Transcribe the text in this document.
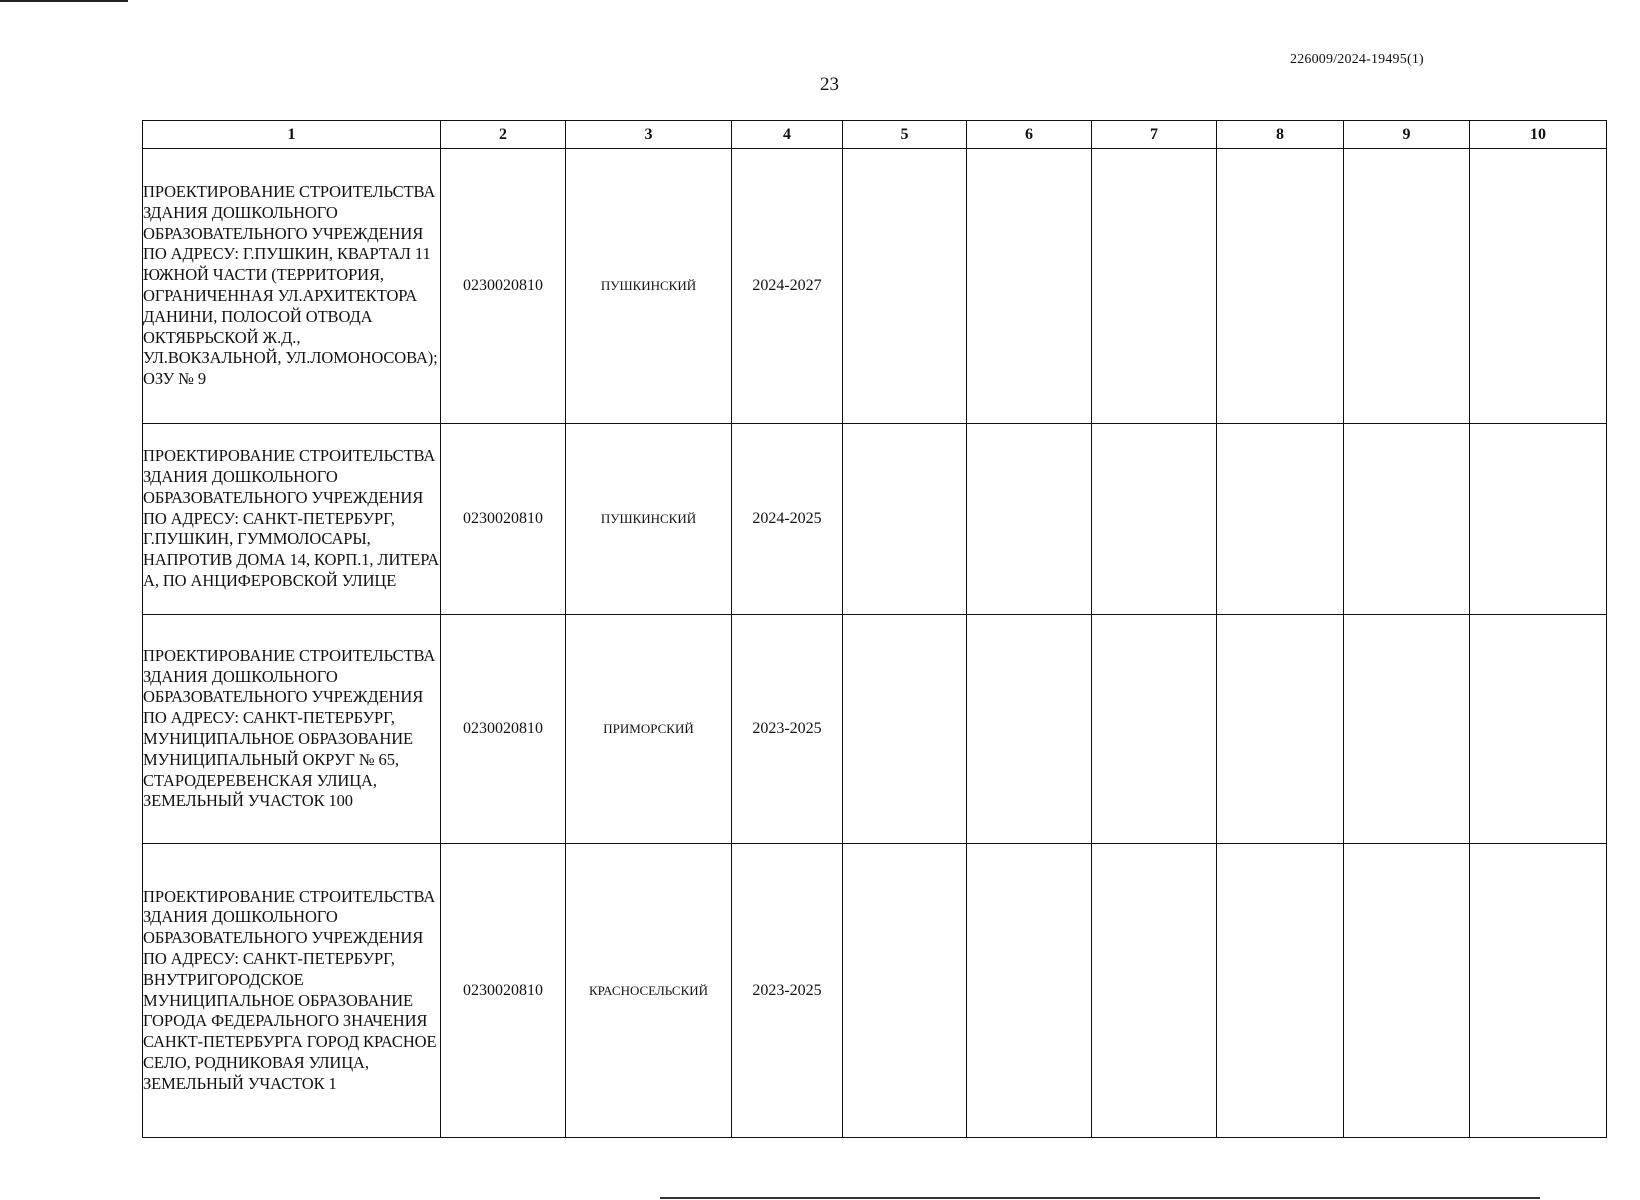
226009/2024-19495(1)
23
1	2	3	4	5	6	7	8	9	10
ПРОЕКТИРОВАНИЕ СТРОИТЕЛЬСТВА ЗДАНИЯ ДОШКОЛЬНОГО ОБРАЗОВАТЕЛЬНОГО УЧРЕЖДЕНИЯ ПО АДРЕСУ: Г.ПУШКИН, КВАРТАЛ 11 ЮЖНОЙ ЧАСТИ (ТЕРРИТОРИЯ, ОГРАНИЧЕННАЯ УЛ.АРХИТЕКТОРА ДАНИНИ, ПОЛОСОЙ ОТВОДА ОКТЯБРЬСКОЙ Ж.Д., УЛ.ВОКЗАЛЬНОЙ, УЛ.ЛОМОНОСОВА); ОЗУ № 9	0230020810	ПУШКИНСКИЙ	2024-2027						
ПРОЕКТИРОВАНИЕ СТРОИТЕЛЬСТВА ЗДАНИЯ ДОШКОЛЬНОГО ОБРАЗОВАТЕЛЬНОГО УЧРЕЖДЕНИЯ ПО АДРЕСУ: САНКТ-ПЕТЕРБУРГ, Г.ПУШКИН, ГУММОЛОСАРЫ, НАПРОТИВ ДОМА 14, КОРП.1, ЛИТЕРА А, ПО АНЦИФЕРОВСКОЙ УЛИЦЕ	0230020810	ПУШКИНСКИЙ	2024-2025						
ПРОЕКТИРОВАНИЕ СТРОИТЕЛЬСТВА ЗДАНИЯ ДОШКОЛЬНОГО ОБРАЗОВАТЕЛЬНОГО УЧРЕЖДЕНИЯ ПО АДРЕСУ: САНКТ-ПЕТЕРБУРГ, МУНИЦИПАЛЬНОЕ ОБРАЗОВАНИЕ МУНИЦИПАЛЬНЫЙ ОКРУГ № 65, СТАРОДЕРЕВЕНСКАЯ УЛИЦА, ЗЕМЕЛЬНЫЙ УЧАСТОК 100	0230020810	ПРИМОРСКИЙ	2023-2025						
ПРОЕКТИРОВАНИЕ СТРОИТЕЛЬСТВА ЗДАНИЯ ДОШКОЛЬНОГО ОБРАЗОВАТЕЛЬНОГО УЧРЕЖДЕНИЯ ПО АДРЕСУ: САНКТ-ПЕТЕРБУРГ, ВНУТРИГОРОДСКОЕ МУНИЦИПАЛЬНОЕ ОБРАЗОВАНИЕ ГОРОДА ФЕДЕРАЛЬНОГО ЗНАЧЕНИЯ САНКТ-ПЕТЕРБУРГА ГОРОД КРАСНОЕ СЕЛО, РОДНИКОВАЯ УЛИЦА, ЗЕМЕЛЬНЫЙ УЧАСТОК 1	0230020810	КРАСНОСЕЛЬСКИЙ	2023-2025						
